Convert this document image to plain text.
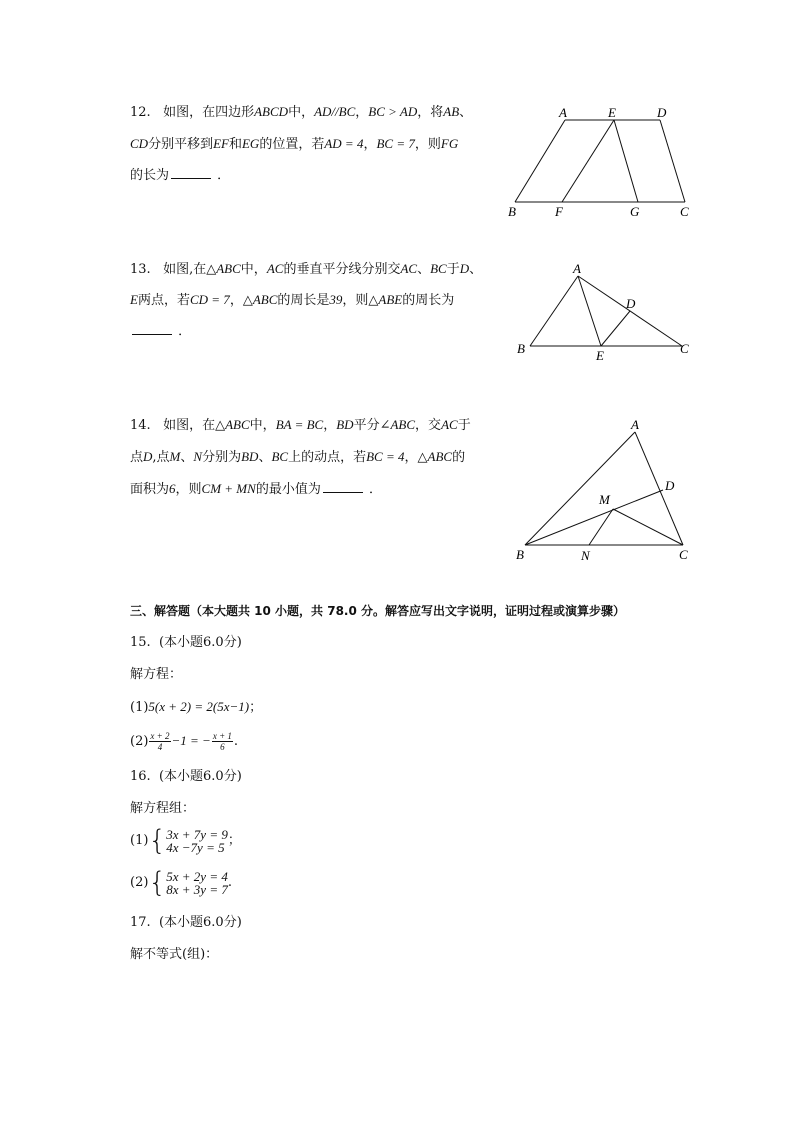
12. 如图，在四边形ABCD中，AD//BC，BC > AD，将AB、
CD分别平移到EF和EG的位置，若AD = 4，BC = 7，则FG
的长为	．
A	E	D
B	F	G	C
13. 如图,在△ABC中，AC的垂直平分线分别交AC、BC于D、
E两点，若CD = 7，△ABC的周长是39，则△ABE的周长为
．
A
D
B	E	C
14. 如图，在△ABC中，BA = BC，BD平分∠ABC，交AC于
点D,点M、N分别为BD、BC上的动点，若BC = 4，△ABC的
面积为6，则CM + MN的最小值为	．
A
D
M
B	N	C
三、解答题（本大题共 10 小题，共 78.0 分。解答应写出文字说明，证明过程或演算步骤）
15. (本小题6.0分)
解方程：
(1)5(x + 2) = 2(5x−1)；
$(2) \frac{x + 2}{4} -1$ = − $\frac{x + 1}{6}$ .
16. (本小题6.0分)
解方程组：
(1){ 3x + 7y = 9
4x −7y = 5 ；
(2){ 5x + 2y = 4
8x + 3y = 7 .
17. (本小题6.0分)
解不等式(组)：
